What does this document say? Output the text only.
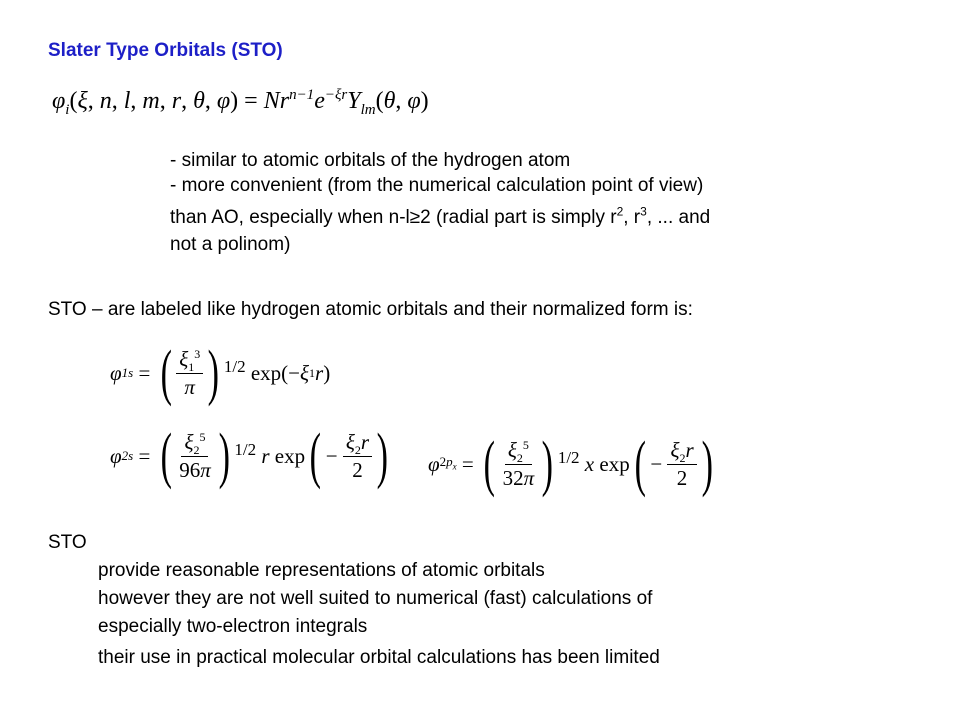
Slater Type Orbitals (STO)
$\varphi_i(\xi$, n, l, m, r, θ, $\varphi) = Nr^{n-1}e^{-\xi r}Y_{lm}(\theta$, φ)
- similar to atomic orbitals of the hydrogen atom
- more convenient (from the numerical calculation point of view)
than AO, especially when n-l≥2 (radial part is simply $r^2$, $r^3$, ... and
not a polinom)
STO – are labeled like hydrogen atomic orbitals and their normalized form is:
φ 1s = ( $\frac{\xi_1^3}{\pi}$ ) 1/2 exp(− ξ 1 r )
φ 2s = ( $\frac{\xi_2^5}{96\pi}$ ) 1/2
r exp ( − $\frac{\xi_2r}{2}$ ) φ $2p_x$ = ( $\frac{\xi_2^5}{32\pi}$ ) 1/2
x exp ( − $\frac{\xi_2r}{2}$ )
STO
provide reasonable representations of atomic orbitals
however they are not well suited to numerical (fast) calculations of
especially two-electron integrals
their use in practical molecular orbital calculations has been limited
